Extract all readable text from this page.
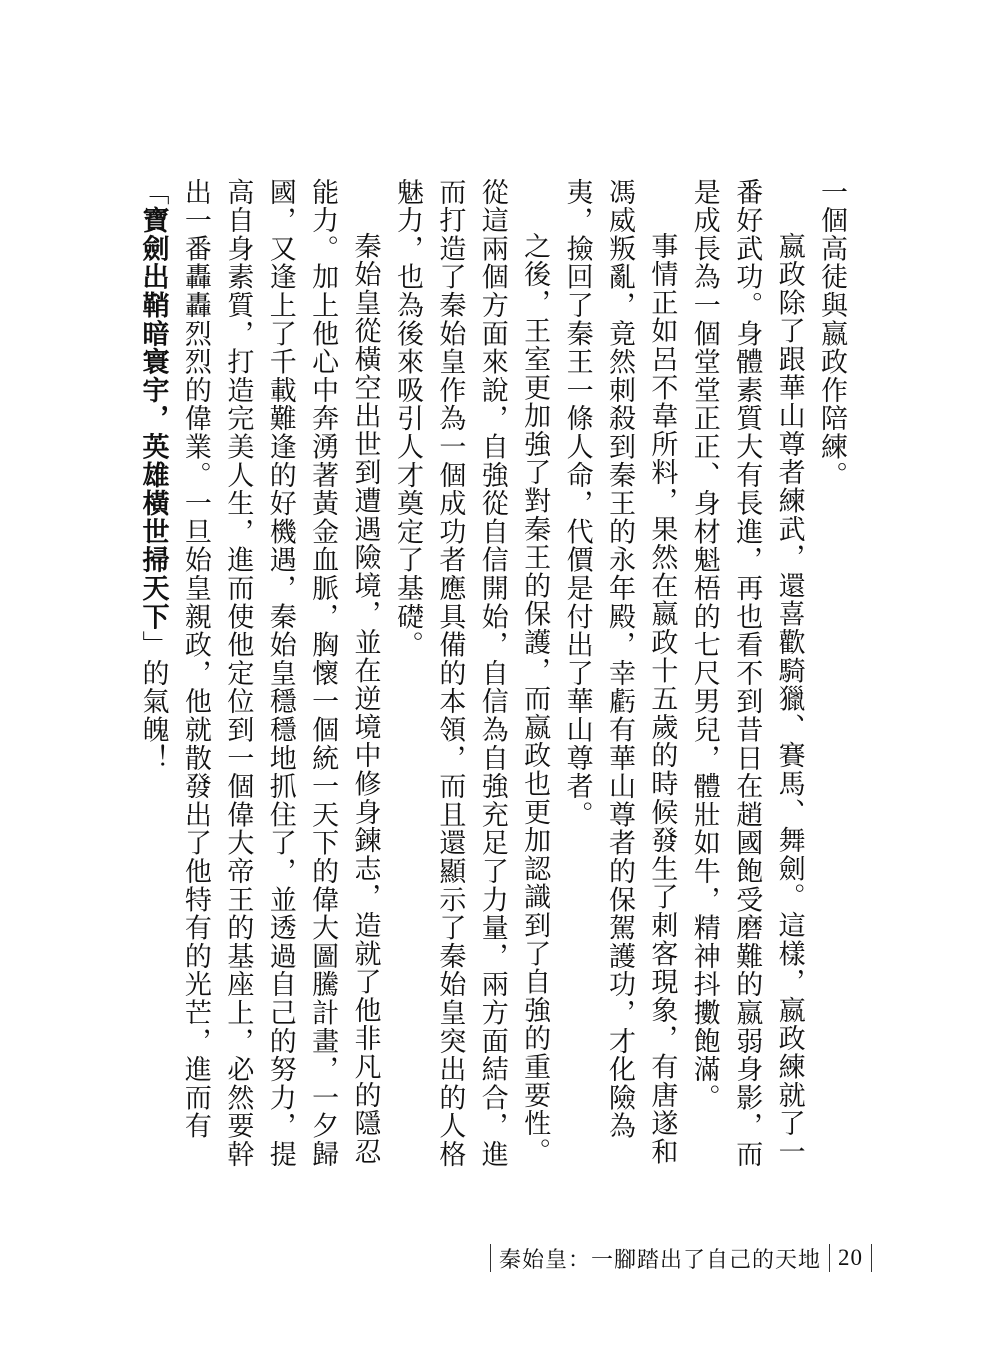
一個高徒與嬴政作陪練。

嬴政除了跟華山尊者練武，還喜歡騎獵、賽馬、舞劍。這樣，嬴政練就了一番好武功。身體素質大有長進，再也看不到昔日在趙國飽受磨難的嬴弱身影，而是成長為一個堂堂正正、身材魁梧的七尺男兒，體壯如牛，精神抖擻飽滿。

事情正如呂不韋所料，果然在嬴政十五歲的時候發生了刺客現象，有唐遂和馮威叛亂，竟然刺殺到秦王的永年殿，幸虧有華山尊者的保駕護功，才化險為夷，撿回了秦王一條人命，代價是付出了華山尊者。

之後，王室更加強了對秦王的保護，而嬴政也更加認識到了自強的重要性。從這兩個方面來說，自強從自信開始，自信為自強充足了力量，兩方面結合，進而打造了秦始皇作為一個成功者應具備的本領，而且還顯示了秦始皇突出的人格魅力，也為後來吸引人才奠定了基礎。

秦始皇從橫空出世到遭遇險境，並在逆境中修身鍊志，造就了他非凡的隱忍能力。加上他心中奔湧著黃金血脈，胸懷一個統一天下的偉大圖騰計畫，一夕歸國，又逢上了千載難逢的好機遇，秦始皇穩穩地抓住了，並透過自己的努力，提高自身素質，打造完美人生，進而使他定位到一個偉大帝王的基座上，必然要幹出一番轟轟烈烈的偉業。一旦始皇親政，他就散發出了他特有的光芒，進而有「寶劍出鞘暗寰宇，英雄橫世掃天下」的氣魄！

秦始皇：一腳踏出了自己的天地 20
